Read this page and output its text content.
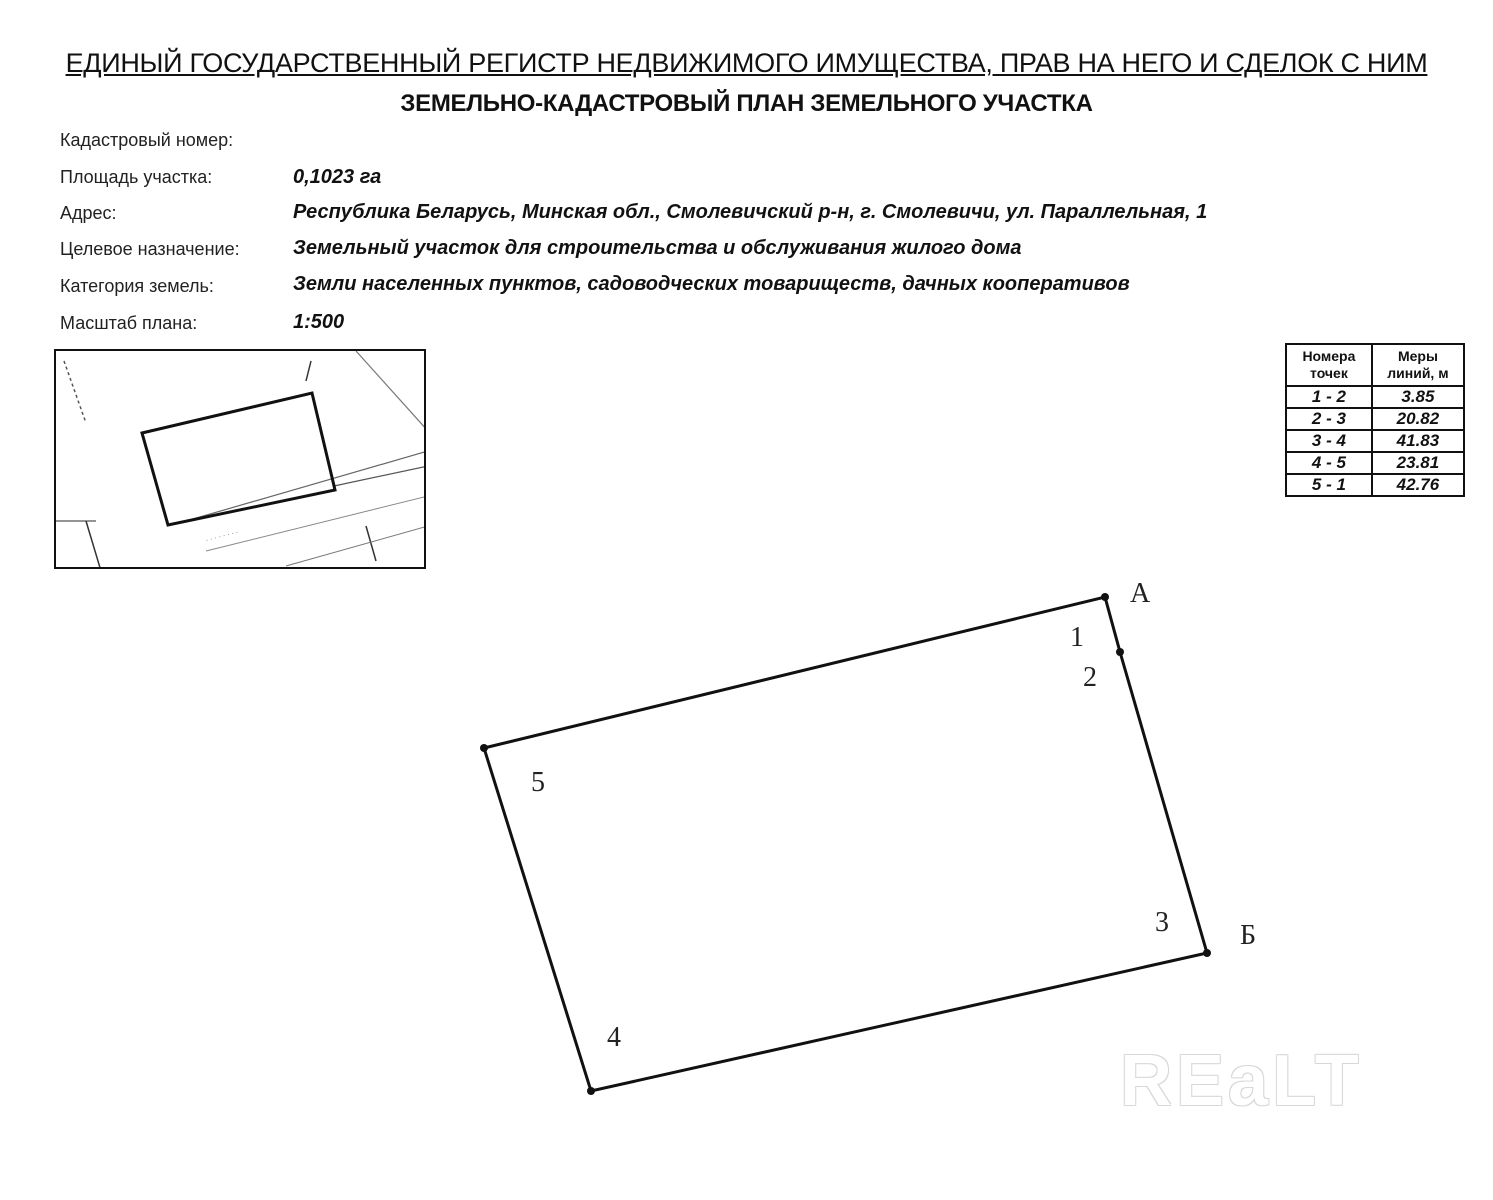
ЕДИНЫЙ ГОСУДАРСТВЕННЫЙ РЕГИСТР НЕДВИЖИМОГО ИМУЩЕСТВА, ПРАВ НА НЕГО И СДЕЛОК С НИМ
ЗЕМЕЛЬНО-КАДАСТРОВЫЙ ПЛАН ЗЕМЕЛЬНОГО УЧАСТКА
Кадастровый номер:
Площадь участка:	0,1023 га
Адрес:	Республика Беларусь, Минская обл., Смолевичский р-н, г. Смолевичи, ул. Параллельная, 1
Целевое назначение:	Земельный участок для строительства и обслуживания жилого дома
Категория земель:	Земли населенных пунктов, садоводческих товариществ, дачных кооперативов
Масштаб плана:	1:500
. . . . . . . .
Номера точек	Меры линий, м
1 - 2	3.85
2 - 3	20.82
3 - 4	41.83
4 - 5	23.81
5 - 1	42.76
1
2
3
4
5
А
Б
REaLT
